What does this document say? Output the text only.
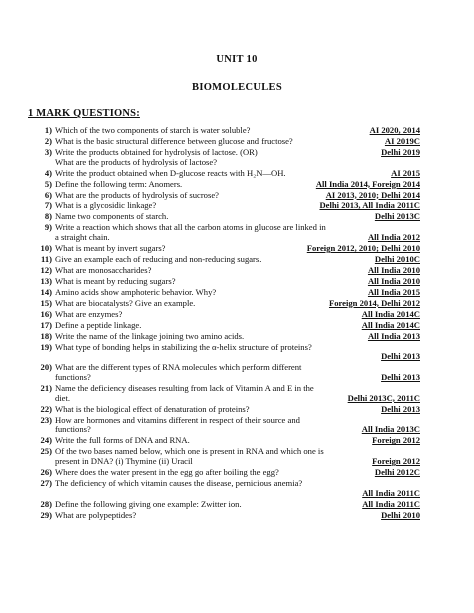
UNIT 10
BIOMOLECULES
1 MARK QUESTIONS:
1) Which of the two components of starch is water soluble?	AI 2020, 2014
2) What is the basic structural difference between glucose and fructose?	AI 2019C
3) Write the products obtained for hydrolysis of lactose. (OR)	Delhi 2019
What are the products of hydrolysis of lactose?
4) Write the product obtained when D-glucose reacts with H₂N—OH.	AI 2015
5) Define the following term: Anomers.	All India 2014, Foreign 2014
6) What are the products of hydrolysis of sucrose?	AI 2013, 2010; Delhi 2014
7) What is a glycosidic linkage?	Delhi 2013, All India 2011C
8) Name two components of starch.	Delhi 2013C
9) Write a reaction which shows that all the carbon atoms in glucose are linked in
a straight chain.	All India 2012
10) What is meant by invert sugars?	Foreign 2012, 2010; Delhi 2010
11) Give an example each of reducing and non-reducing sugars.	Delhi 2010C
12) What are monosaccharides?	All India 2010
13) What is meant by reducing sugars?	All India 2010
14) Amino acids show amphoteric behavior. Why?	All India 2015
15) What are biocatalysts? Give an example.	Foreign 2014, Delhi 2012
16) What are enzymes?	All India 2014C
17) Define a peptide linkage.	All India 2014C
18) Write the name of the linkage joining two amino acids.	All India 2013
19) What type of bonding helps in stabilizing the α-helix structure of proteins?
Delhi 2013
20) What are the different types of RNA molecules which perform different
functions?	Delhi 2013
21) Name the deficiency diseases resulting from lack of Vitamin A and E in the
diet.	Delhi 2013C, 2011C
22) What is the biological effect of denaturation of proteins?	Delhi 2013
23) How are hormones and vitamins different in respect of their source and
functions?	All India 2013C
24) Write the full forms of DNA and RNA.	Foreign 2012
25) Of the two bases named below, which one is present in RNA and which one is
present in DNA? (i) Thymine (ii) Uracil	Foreign 2012
26) Where does the water present in the egg go after boiling the egg?	Delhi 2012C
27) The deficiency of which vitamin causes the disease, pernicious anemia?
All India 2011C
28) Define the following giving one example: Zwitter ion.	All India 2011C
29) What are polypeptides?	Delhi 2010
